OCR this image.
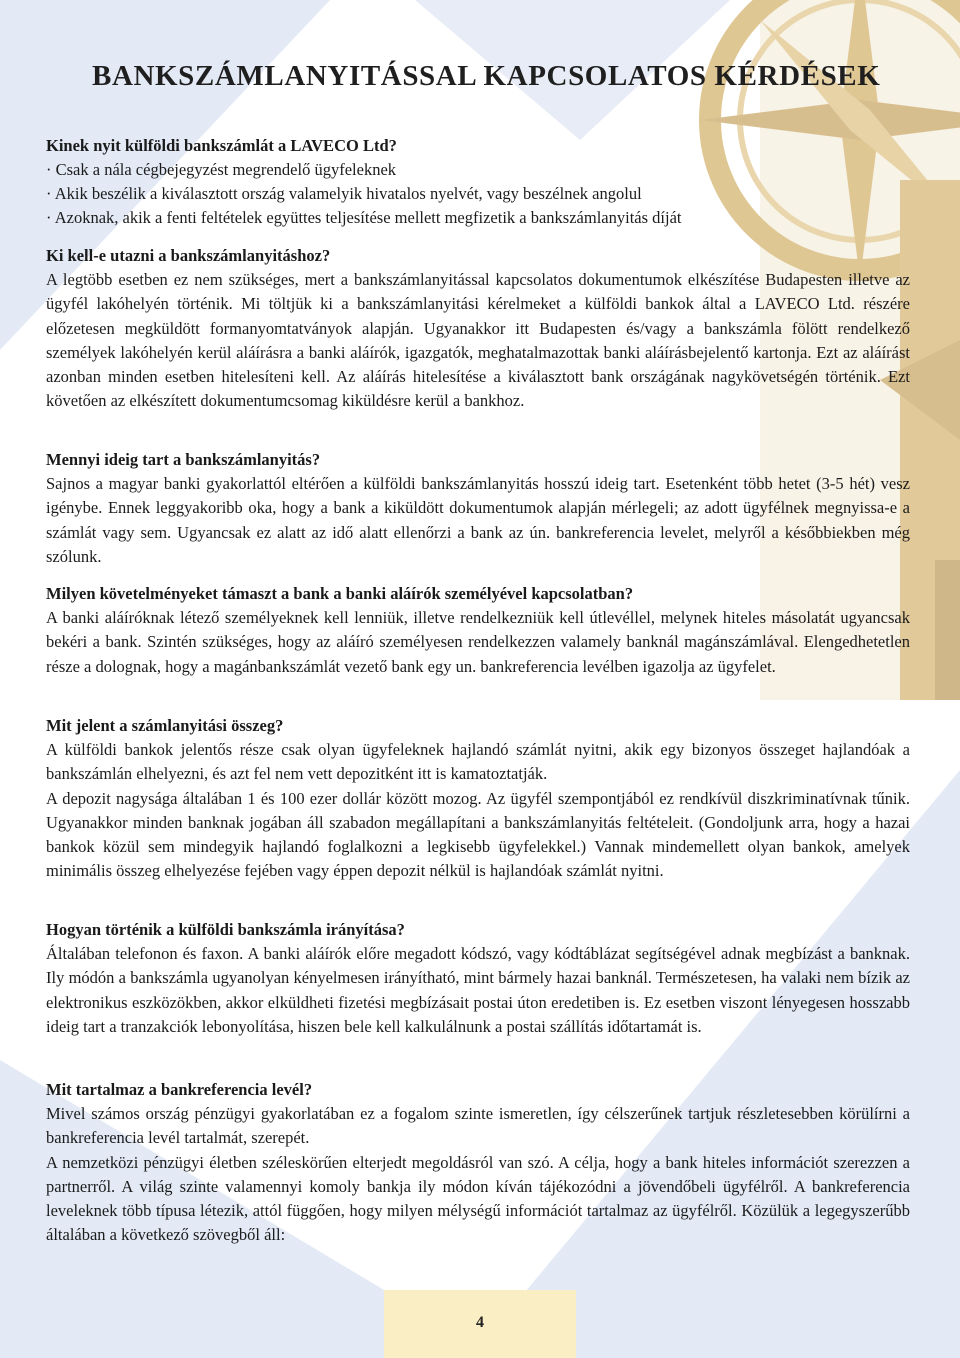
BANKSZÁMLANYITÁSSAL KAPCSOLATOS KÉRDÉSEK

Kinek nyit külföldi bankszámlát a LAVECO Ltd?

· Csak a nála cégbejegyzést megrendelő ügyfeleknek

· Akik beszélik a kiválasztott ország valamelyik hivatalos nyelvét, vagy beszélnek angolul

· Azoknak, akik a fenti feltételek együttes teljesítése mellett megfizetik a bankszámlanyitás díját

Ki kell-e utazni a bankszámlanyitáshoz?

A legtöbb esetben ez nem szükséges, mert a bankszámlanyitással kapcsolatos dokumentumok elkészítése Budapesten illetve az ügyfél lakóhelyén történik. Mi töltjük ki a bankszámlanyitási kérelmeket a külföldi bankok által a LAVECO Ltd. részére előzetesen megküldött formanyomtatványok alapján. Ugyanakkor itt Budapesten és/vagy a bankszámla fölött rendelkező személyek lakóhelyén kerül aláírásra a banki aláírók, igazgatók, meghatalmazottak banki aláírásbejelentő kartonja. Ezt az aláírást azonban minden esetben hitelesíteni kell. Az aláírás hitelesítése a kiválasztott bank országának nagykövetségén történik. Ezt követően az elkészített dokumentumcsomag kiküldésre kerül a bankhoz.

Mennyi ideig tart a bankszámlanyitás?

Sajnos a magyar banki gyakorlattól eltérően a külföldi bankszámlanyitás hosszú ideig tart. Esetenként több hetet (3-5 hét) vesz igénybe. Ennek leggyakoribb oka, hogy a bank a kiküldött dokumentumok alapján mérlegeli; az adott ügyfélnek megnyissa-e a számlát vagy sem. Ugyancsak ez alatt az idő alatt ellenőrzi a bank az ún. bankreferencia levelet, melyről a későbbiekben még szólunk.

Milyen követelményeket támaszt a bank a banki aláírók személyével kapcsolatban?

A banki aláíróknak létező személyeknek kell lenniük, illetve rendelkezniük kell útlevéllel, melynek hiteles másolatát ugyancsak bekéri a bank. Szintén szükséges, hogy az aláíró személyesen rendelkezzen valamely banknál magánszámlával. Elengedhetetlen része a dolognak, hogy a magánbankszámlát vezető bank egy un. bankreferencia levélben igazolja az ügyfelet.

Mit jelent a számlanyitási összeg?

A külföldi bankok jelentős része csak olyan ügyfeleknek hajlandó számlát nyitni, akik egy bizonyos összeget hajlandóak a bankszámlán elhelyezni, és azt fel nem vett depozitként itt is kamatoztatják.

A depozit nagysága általában 1 és 100 ezer dollár között mozog. Az ügyfél szempontjából ez rendkívül diszkriminatívnak tűnik. Ugyanakkor minden banknak jogában áll szabadon megállapítani a bankszámlanyitás feltételeit. (Gondoljunk arra, hogy a hazai bankok közül sem mindegyik hajlandó foglalkozni a legkisebb ügyfelekkel.) Vannak mindemellett olyan bankok, amelyek minimális összeg elhelyezése fejében vagy éppen depozit nélkül is hajlandóak számlát nyitni.

Hogyan történik a külföldi bankszámla irányítása?

Általában telefonon és faxon. A banki aláírók előre megadott kódszó, vagy kódtáblázat segítségével adnak megbízást a banknak. Ily módón a bankszámla ugyanolyan kényelmesen irányítható, mint bármely hazai banknál. Természetesen, ha valaki nem bízik az elektronikus eszközökben, akkor elküldheti fizetési megbízásait postai úton eredetiben is. Ez esetben viszont lényegesen hosszabb ideig tart a tranzakciók lebonyolítása, hiszen bele kell kalkulálnunk a postai szállítás időtartamát is.

Mit tartalmaz a bankreferencia levél?

Mivel számos ország pénzügyi gyakorlatában ez a fogalom szinte ismeretlen, így célszerűnek tartjuk részletesebben körülírni a bankreferencia levél tartalmát, szerepét.

A nemzetközi pénzügyi életben széleskörűen elterjedt megoldásról van szó. A célja, hogy a bank hiteles információt szerezzen a partnerről. A világ szinte valamennyi komoly bankja ily módon kíván tájékozódni a jövendőbeli ügyfélről. A bankreferencia leveleknek több típusa létezik, attól függően, hogy milyen mélységű információt tartalmaz az ügyfélről. Közülük a legegyszerűbb általában a következő szövegből áll:

4
